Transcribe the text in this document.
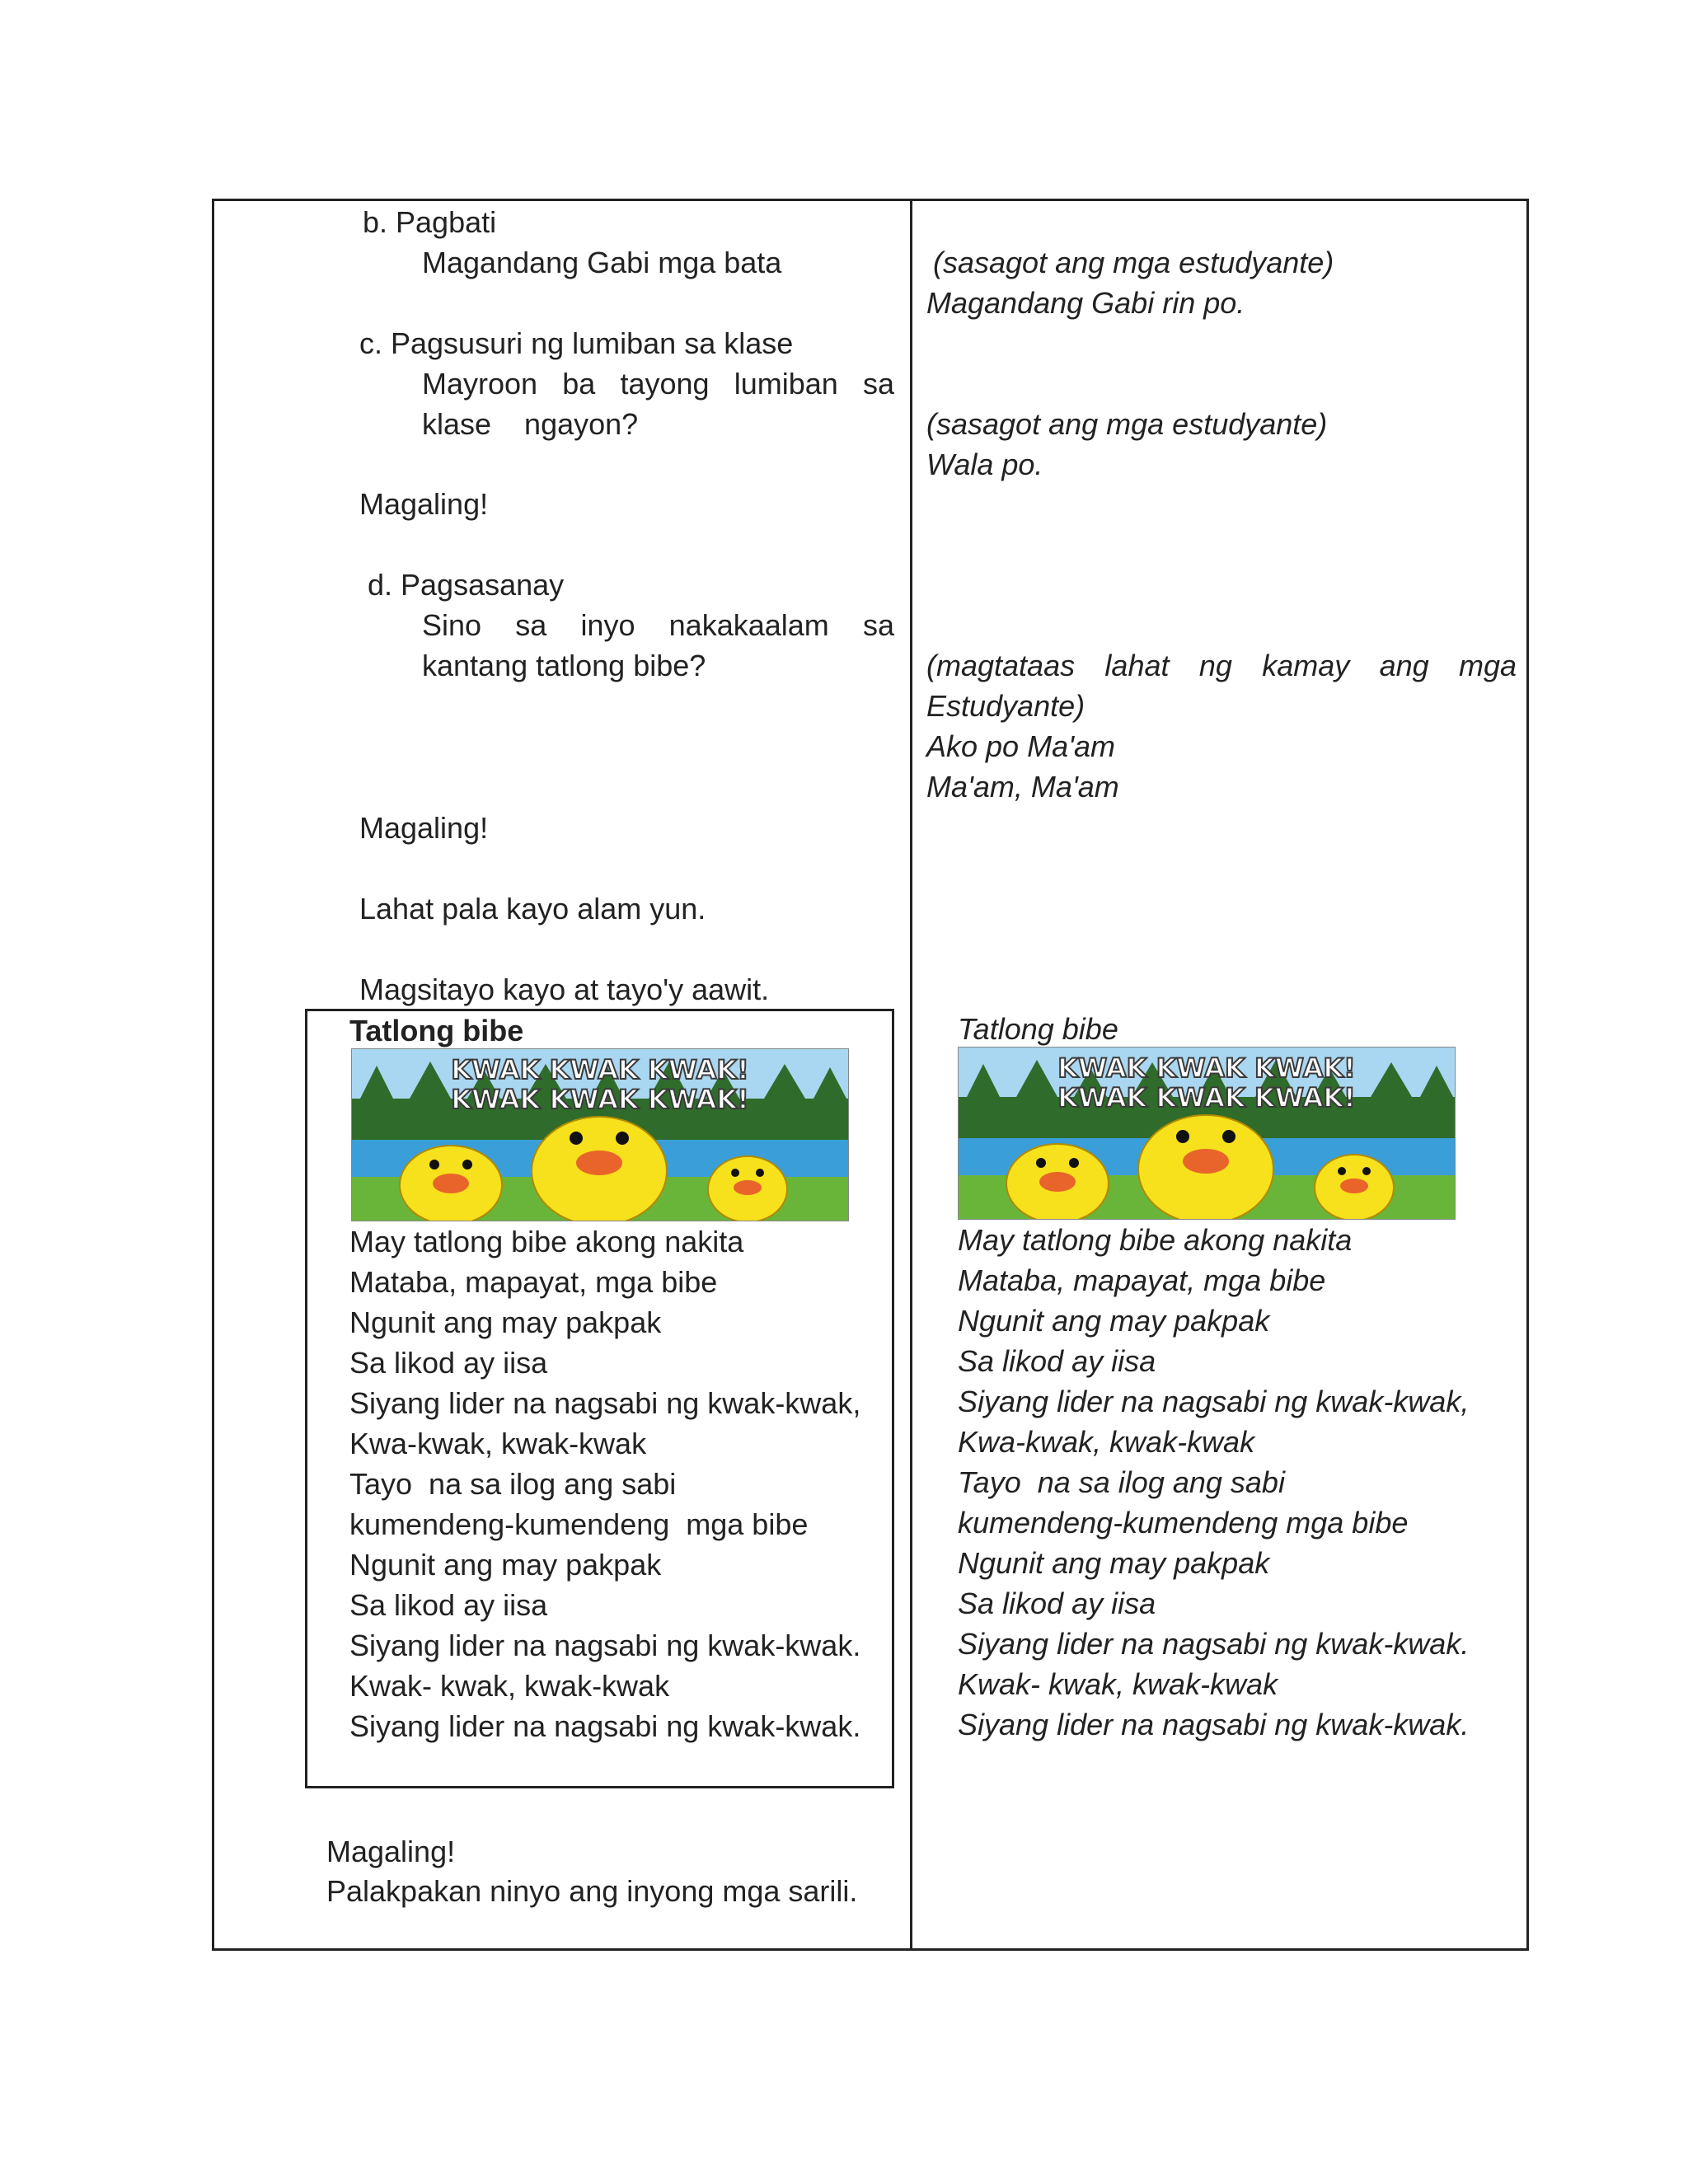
b. Pagbati
Magandang Gabi mga bata
c. Pagsusuri ng lumiban sa klase
Mayroon ba tayong lumiban sa
klase    ngayon?
Magaling!
d. Pagsasanay
Sino sa inyo nakakaalam sa
kantang tatlong bibe?
Magaling!
Lahat pala kayo alam yun.
Magsitayo kayo at tayo'y aawit.
Tatlong bibe
KWAK KWAK KWAK!
KWAK KWAK KWAK!
May tatlong bibe akong nakita
Mataba, mapayat, mga bibe
Ngunit ang may pakpak
Sa likod ay iisa
Siyang lider na nagsabi ng kwak-kwak,
Kwa-kwak, kwak-kwak
Tayo  na sa ilog ang sabi
kumendeng-kumendeng  mga bibe
Ngunit ang may pakpak
Sa likod ay iisa
Siyang lider na nagsabi ng kwak-kwak.
Kwak- kwak, kwak-kwak
Siyang lider na nagsabi ng kwak-kwak.
Magaling!
Palakpakan ninyo ang inyong mga sarili.
(sasagot ang mga estudyante)
Magandang Gabi rin po.
(sasagot ang mga estudyante)
Wala po.
(magtataas lahat ng kamay ang mga
Estudyante)
Ako po Ma'am
Ma'am, Ma'am
Tatlong bibe
KWAK KWAK KWAK!
KWAK KWAK KWAK!
May tatlong bibe akong nakita
Mataba, mapayat, mga bibe
Ngunit ang may pakpak
Sa likod ay iisa
Siyang lider na nagsabi ng kwak-kwak,
Kwa-kwak, kwak-kwak
Tayo  na sa ilog ang sabi
kumendeng-kumendeng mga bibe
Ngunit ang may pakpak
Sa likod ay iisa
Siyang lider na nagsabi ng kwak-kwak.
Kwak- kwak, kwak-kwak
Siyang lider na nagsabi ng kwak-kwak.
